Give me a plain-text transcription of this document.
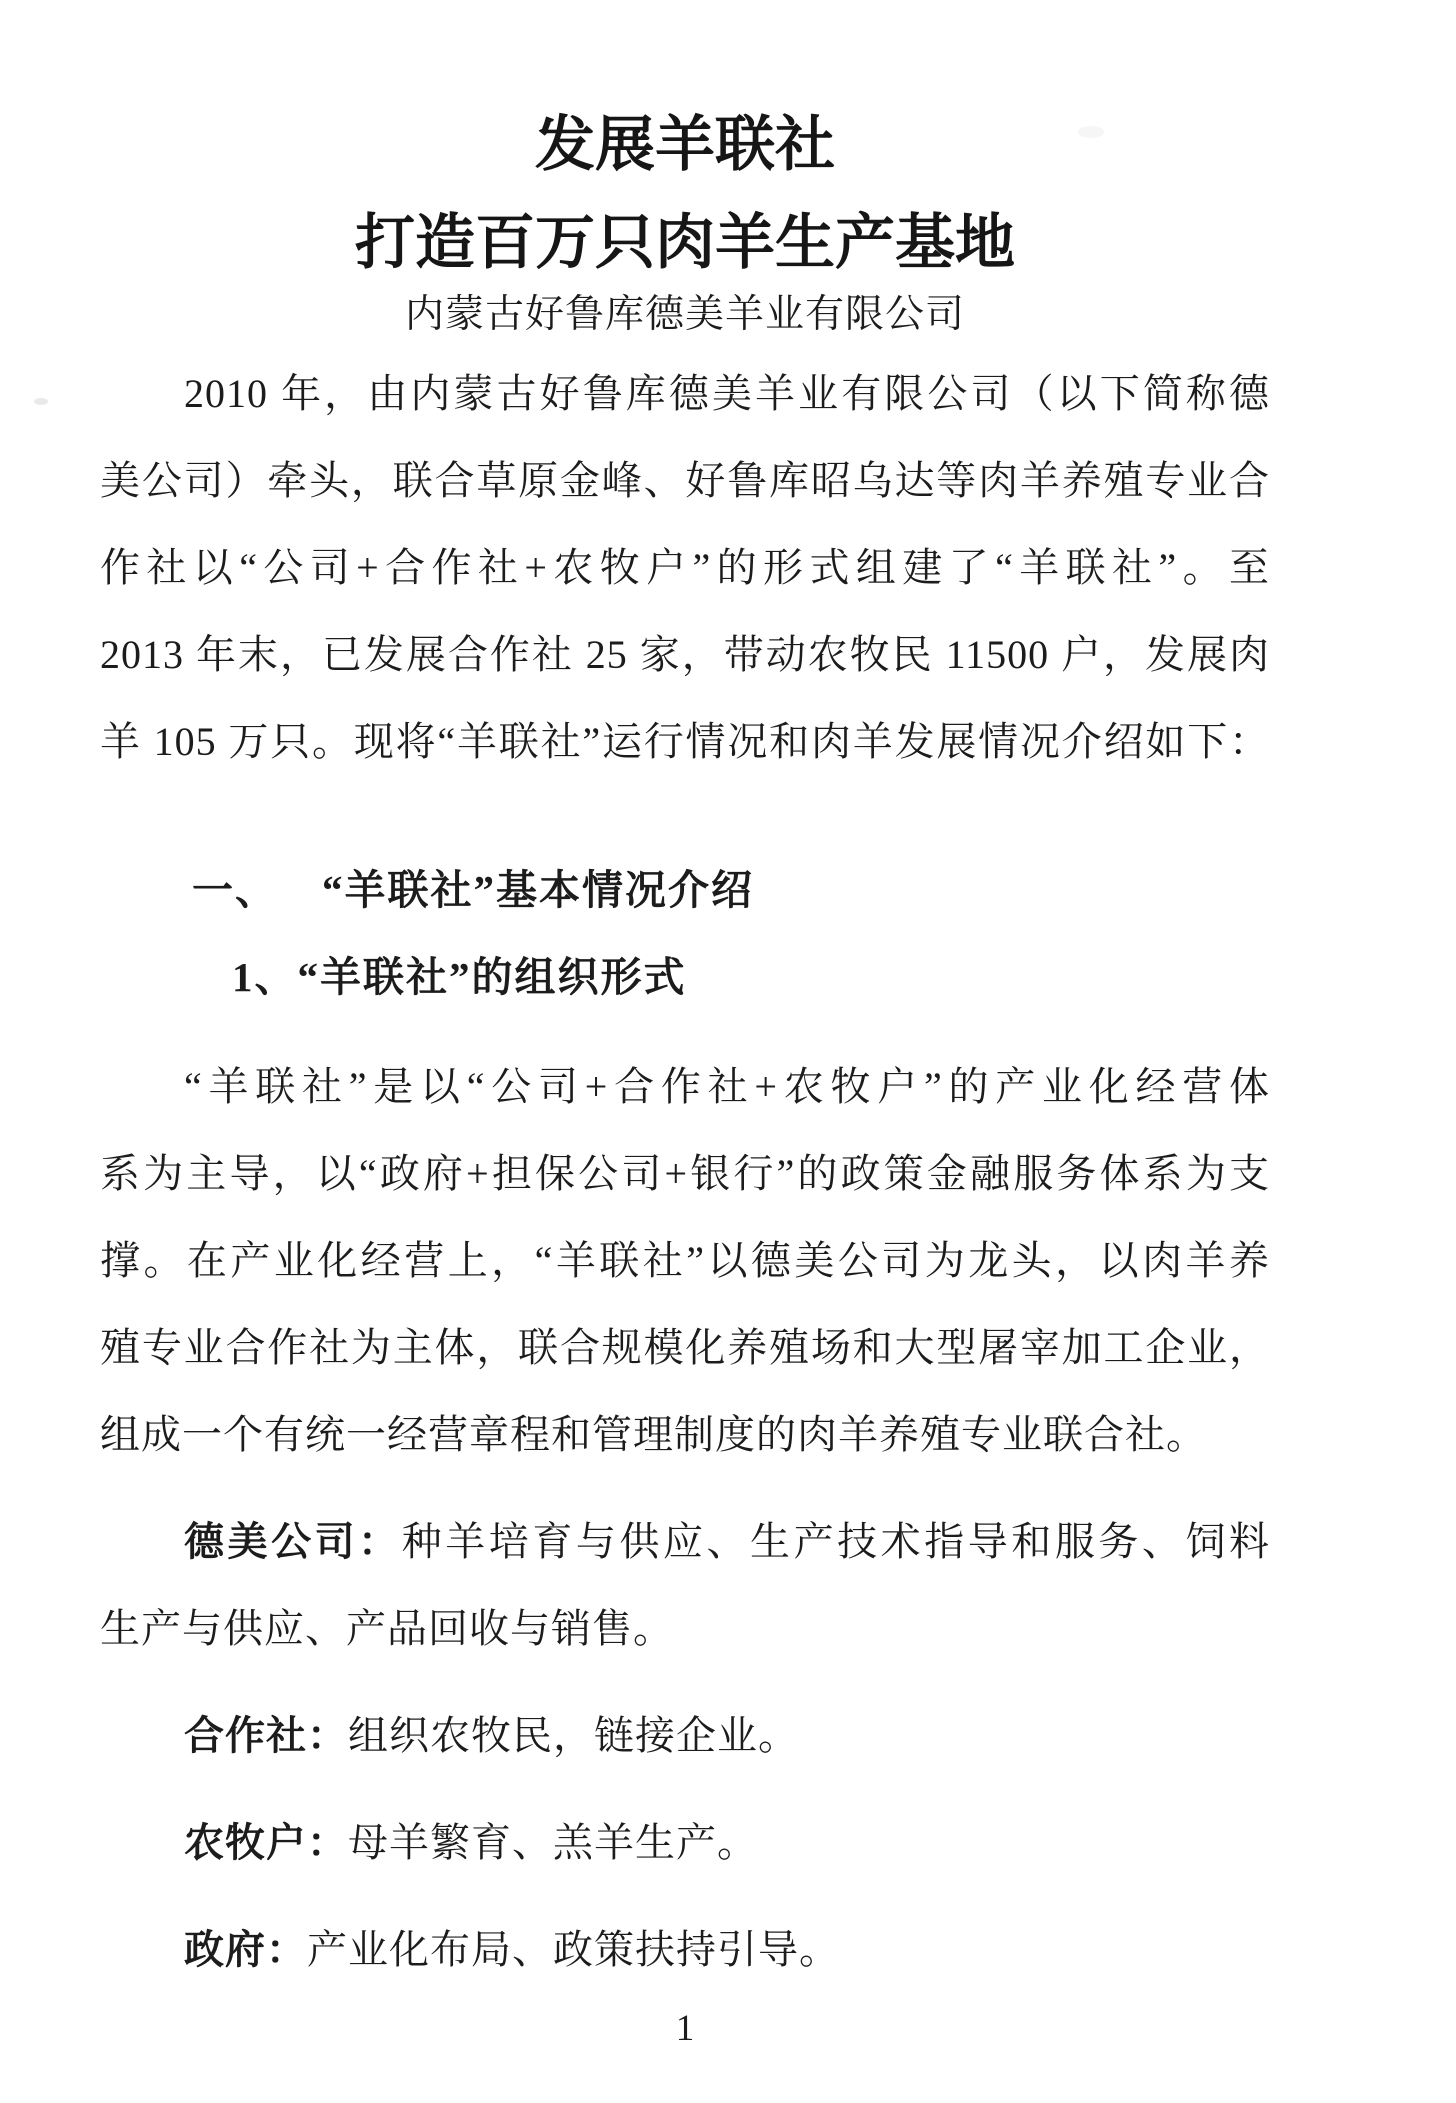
发展羊联社
打造百万只肉羊生产基地
内蒙古好鲁库德美羊业有限公司
2010 年，由内蒙古好鲁库德美羊业有限公司（以下简称德
美公司）牵头，联合草原金峰、好鲁库昭乌达等肉羊养殖专业合
作社以“公司+合作社+农牧户”的形式组建了“羊联社”。至
2013 年末，已发展合作社 25 家，带动农牧民 11500 户，发展肉
羊 105 万只。现将“羊联社”运行情况和肉羊发展情况介绍如下：
一、 “羊联社”基本情况介绍
1、“羊联社”的组织形式
“羊联社”是以“公司+合作社+农牧户”的产业化经营体
系为主导，以“政府+担保公司+银行”的政策金融服务体系为支
撑。在产业化经营上，“羊联社”以德美公司为龙头，以肉羊养
殖专业合作社为主体，联合规模化养殖场和大型屠宰加工企业，
组成一个有统一经营章程和管理制度的肉羊养殖专业联合社。
德美公司：种羊培育与供应、生产技术指导和服务、饲料
生产与供应、产品回收与销售。
合作社：组织农牧民，链接企业。
农牧户：母羊繁育、羔羊生产。
政府：产业化布局、政策扶持引导。
1
